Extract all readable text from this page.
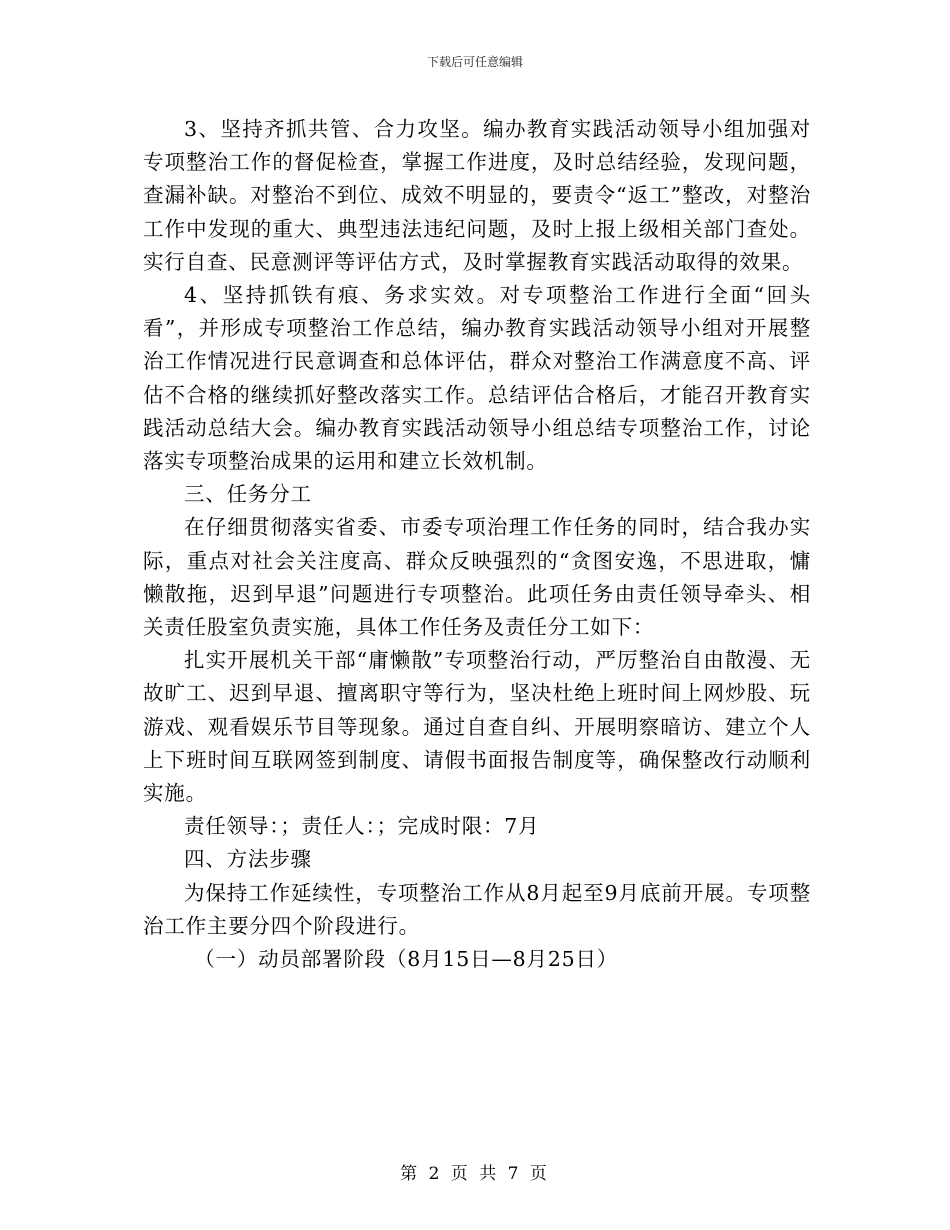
下载后可任意编辑

3、坚持齐抓共管、合力攻坚。编办教育实践活动领导小组加强对专项整治工作的督促检查，掌握工作进度，及时总结经验，发现问题，查漏补缺。对整治不到位、成效不明显的，要责令“返工”整改，对整治工作中发现的重大、典型违法违纪问题，及时上报上级相关部门查处。实行自查、民意测评等评估方式，及时掌握教育实践活动取得的效果。

4、坚持抓铁有痕、务求实效。对专项整治工作进行全面“回头看”，并形成专项整治工作总结，编办教育实践活动领导小组对开展整治工作情况进行民意调查和总体评估，群众对整治工作满意度不高、评估不合格的继续抓好整改落实工作。总结评估合格后，才能召开教育实践活动总结大会。编办教育实践活动领导小组总结专项整治工作，讨论落实专项整治成果的运用和建立长效机制。

三、任务分工

在仔细贯彻落实省委、市委专项治理工作任务的同时，结合我办实际，重点对社会关注度高、群众反映强烈的“贪图安逸，不思进取，慵懒散拖，迟到早退”问题进行专项整治。此项任务由责任领导牵头、相关责任股室负责实施，具体工作任务及责任分工如下：

扎实开展机关干部“庸懒散”专项整治行动，严厉整治自由散漫、无故旷工、迟到早退、擅离职守等行为，坚决杜绝上班时间上网炒股、玩游戏、观看娱乐节目等现象。通过自查自纠、开展明察暗访、建立个人上下班时间互联网签到制度、请假书面报告制度等，确保整改行动顺利实施。

责任领导：；责任人：；完成时限：7月

四、方法步骤

为保持工作延续性，专项整治工作从8月起至9月底前开展。专项整治工作主要分四个阶段进行。

（一）动员部署阶段（8月15日—8月25日）

第 2 页 共 7 页
